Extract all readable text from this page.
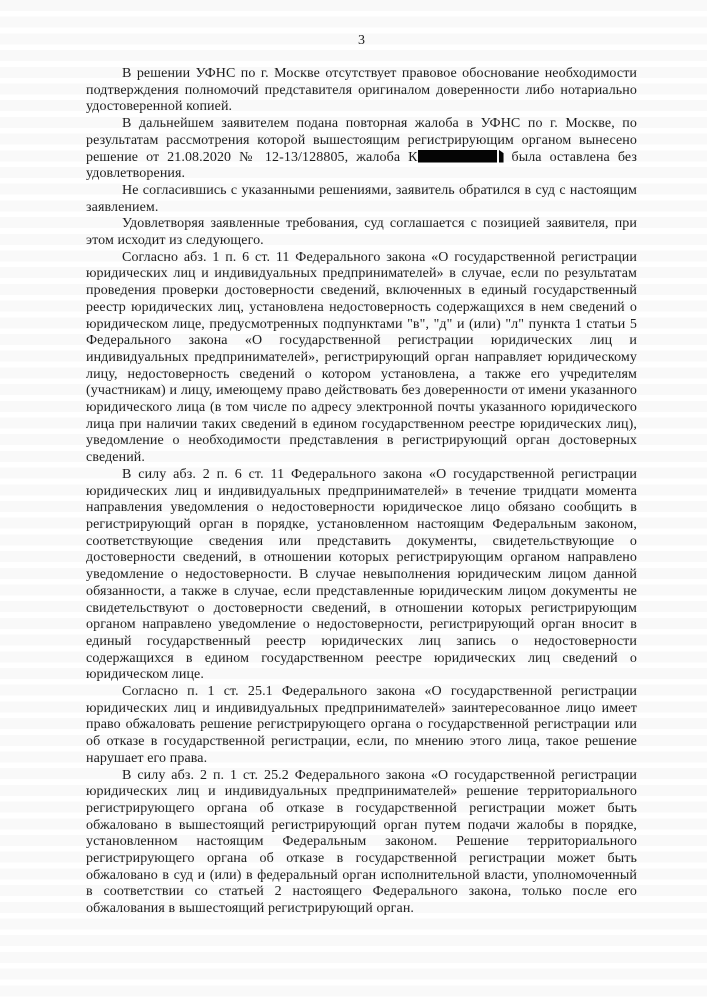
3

В решении УФНС по г. Москве отсутствует правовое обоснование необходимости подтверждения полномочий представителя оригиналом доверенности либо нотариально удостоверенной копией.

В дальнейшем заявителем подана повторная жалоба в УФНС по г. Москве, по результатам рассмотрения которой вышестоящим регистрирующим органом вынесено решение от 21.08.2020 № 12-13/128805, жалоба К	была оставлена без удовлетворения.

Не согласившись с указанными решениями, заявитель обратился в суд с настоящим заявлением.

Удовлетворяя заявленные требования, суд соглашается с позицией заявителя, при этом исходит из следующего.

Согласно абз. 1 п. 6 ст. 11 Федерального закона «О государственной регистрации юридических лиц и индивидуальных предпринимателей» в случае, если по результатам проведения проверки достоверности сведений, включенных в единый государственный реестр юридических лиц, установлена недостоверность содержащихся в нем сведений о юридическом лице, предусмотренных подпунктами "в", "д" и (или) "л" пункта 1 статьи 5 Федерального закона «О государственной регистрации юридических лиц и индивидуальных предпринимателей», регистрирующий орган направляет юридическому лицу, недостоверность сведений о котором установлена, а также его учредителям (участникам) и лицу, имеющему право действовать без доверенности от имени указанного юридического лица (в том числе по адресу электронной почты указанного юридического лица при наличии таких сведений в едином государственном реестре юридических лиц), уведомление о необходимости представления в регистрирующий орган достоверных сведений.

В силу абз. 2 п. 6 ст. 11 Федерального закона «О государственной регистрации юридических лиц и индивидуальных предпринимателей» в течение тридцати момента направления уведомления о недостоверности юридическое лицо обязано сообщить в регистрирующий орган в порядке, установленном настоящим Федеральным законом, соответствующие сведения или представить документы, свидетельствующие о достоверности сведений, в отношении которых регистрирующим органом направлено уведомление о недостоверности. В случае невыполнения юридическим лицом данной обязанности, а также в случае, если представленные юридическим лицом документы не свидетельствуют о достоверности сведений, в отношении которых регистрирующим органом направлено уведомление о недостоверности, регистрирующий орган вносит в единый государственный реестр юридических лиц запись о недостоверности содержащихся в едином государственном реестре юридических лиц сведений о юридическом лице.

Согласно п. 1 ст. 25.1 Федерального закона «О государственной регистрации юридических лиц и индивидуальных предпринимателей» заинтересованное лицо имеет право обжаловать решение регистрирующего органа о государственной регистрации или об отказе в государственной регистрации, если, по мнению этого лица, такое решение нарушает его права.

В силу абз. 2 п. 1 ст. 25.2 Федерального закона «О государственной регистрации юридических лиц и индивидуальных предпринимателей» решение территориального регистрирующего органа об отказе в государственной регистрации может быть обжаловано в вышестоящий регистрирующий орган путем подачи жалобы в порядке, установленном настоящим Федеральным законом. Решение территориального регистрирующего органа об отказе в государственной регистрации может быть обжаловано в суд и (или) в федеральный орган исполнительной власти, уполномоченный в соответствии со статьей 2 настоящего Федерального закона, только после его обжалования в вышестоящий регистрирующий орган.
